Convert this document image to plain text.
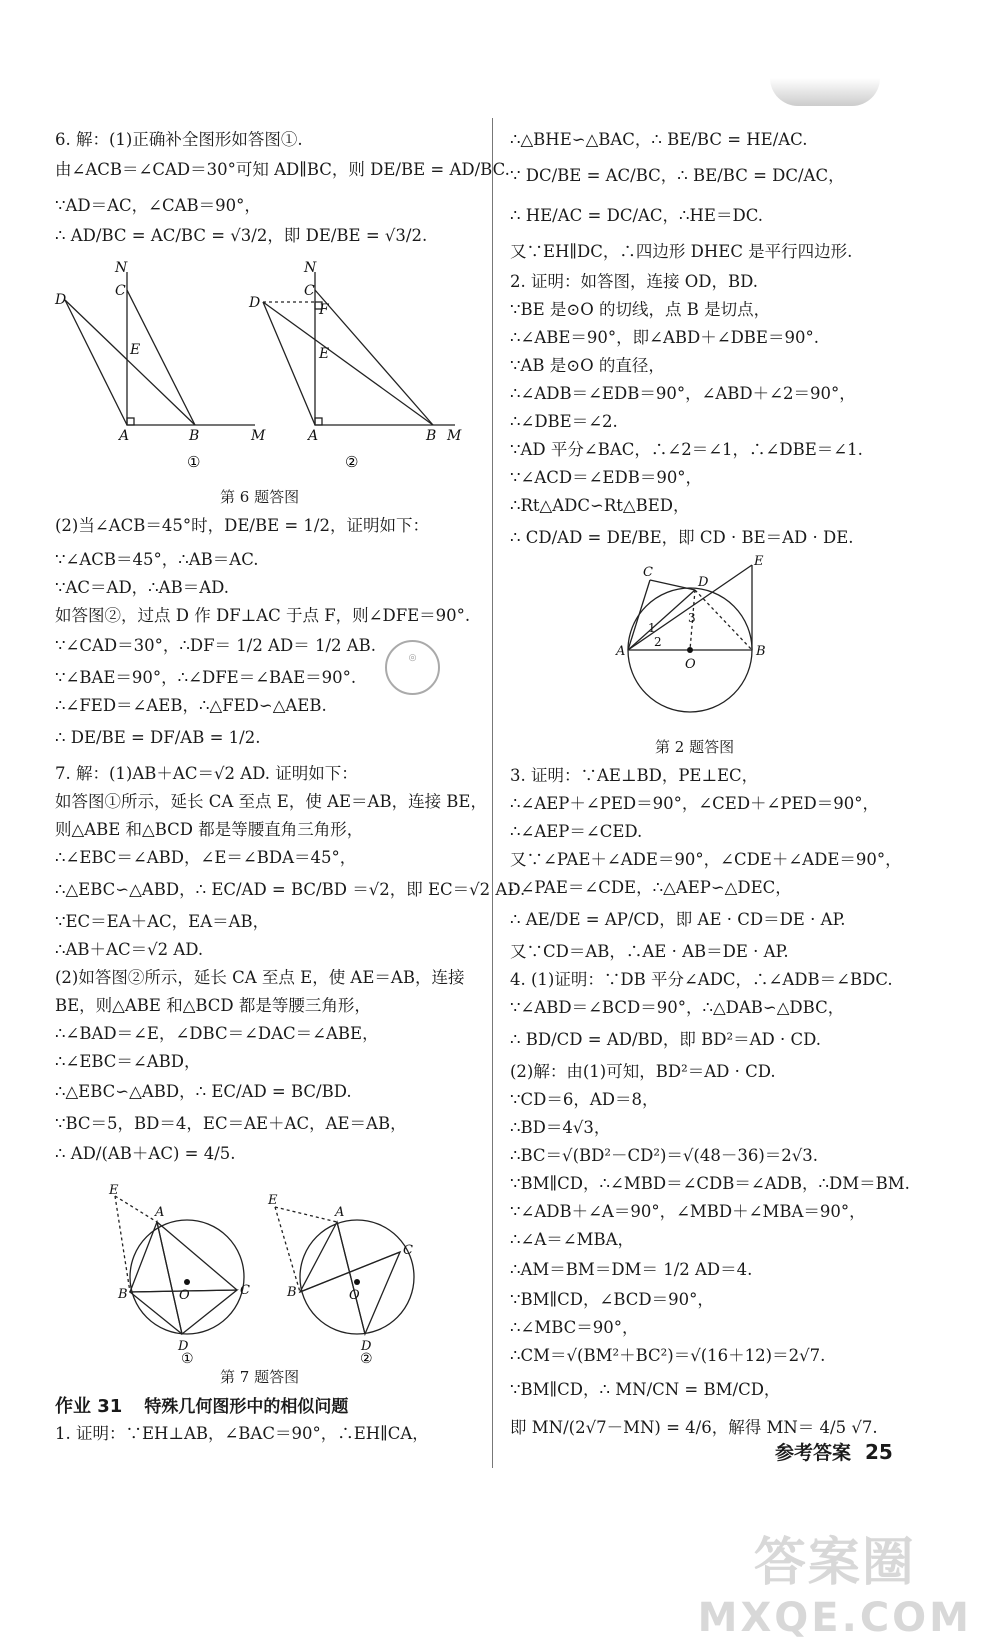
6. 解：(1)正确补全图形如答图①.
由∠ACB＝∠CAD＝30°可知 AD∥BC，则 DE/BE = AD/BC.
∵AD＝AC，∠CAB＝90°，
∴ AD/BC = AC/BC = √3/2，即 DE/BE = √3/2.
N
C
D
E
A	B	M
N
C
D	F
E
A	B M
①	②
第 6 题答图
(2)当∠ACB＝45°时，DE/BE = 1/2，证明如下：
∵∠ACB＝45°，∴AB＝AC.
∵AC＝AD，∴AB＝AD.
如答图②，过点 D 作 DF⊥AC 于点 F，则∠DFE＝90°.
∵∠CAD＝30°，∴DF＝ 1/2 AD＝ 1/2 AB.
∵∠BAE＝90°，∴∠DFE＝∠BAE＝90°.
∴∠FED＝∠AEB，∴△FED∽△AEB.
∴ DE/BE = DF/AB = 1/2.
7. 解：(1)AB＋AC＝√2 AD. 证明如下：
如答图①所示，延长 CA 至点 E，使 AE＝AB，连接 BE，
则△ABE 和△BCD 都是等腰直角三角形，
∴∠EBC＝∠ABD，∠E＝∠BDA＝45°，
∴△EBC∽△ABD，∴ EC/AD = BC/BD ＝√2，即 EC＝√2 AD.
∵EC＝EA＋AC，EA＝AB，
∴AB＋AC＝√2 AD.
(2)如答图②所示，延长 CA 至点 E，使 AE＝AB，连接
BE，则△ABE 和△BCD 都是等腰三角形，
∴∠BAD＝∠E，∠DBC＝∠DAC＝∠ABE，
∴∠EBC＝∠ABD，
∴△EBC∽△ABD，∴ EC/AD = BC/BD.
∵BC＝5，BD＝4，EC＝AE＋AC，AE＝AB，
∴ AD/(AB＋AC) = 4/5.
E
A
B	C
O
D
E
A
B
C
O
D
①	②
第 7 题答图
作业 31 特殊几何图形中的相似问题
1. 证明：∵EH⊥AB，∠BAC＝90°，∴EH∥CA，
◎
∴△BHE∽△BAC，∴ BE/BC = HE/AC.
∵ DC/BE = AC/BC，∴ BE/BC = DC/AC，
∴ HE/AC = DC/AC，∴HE＝DC.
又∵EH∥DC，∴四边形 DHEC 是平行四边形.
2. 证明：如答图，连接 OD，BD.
∵BE 是⊙O 的切线，点 B 是切点，
∴∠ABE＝90°，即∠ABD＋∠DBE＝90°.
∵AB 是⊙O 的直径，
∴∠ADB＝∠EDB＝90°，∠ABD＋∠2＝90°，
∴∠DBE＝∠2.
∵AD 平分∠BAC，∴∠2＝∠1，∴∠DBE＝∠1.
∵∠ACD＝∠EDB＝90°，
∴Rt△ADC∽Rt△BED，
∴ CD/AD = DE/BE，即 CD · BE＝AD · DE.
C
D
E
A	B
O
1
2
3
第 2 题答图
3. 证明：∵AE⊥BD，PE⊥EC，
∴∠AEP＋∠PED＝90°，∠CED＋∠PED＝90°，
∴∠AEP＝∠CED.
又∵∠PAE＋∠ADE＝90°，∠CDE＋∠ADE＝90°，
∴∠PAE＝∠CDE，∴△AEP∽△DEC，
∴ AE/DE = AP/CD，即 AE · CD＝DE · AP.
又∵CD＝AB，∴AE · AB＝DE · AP.
4. (1)证明：∵DB 平分∠ADC，∴∠ADB＝∠BDC.
∵∠ABD＝∠BCD＝90°，∴△DAB∽△DBC，
∴ BD/CD = AD/BD，即 BD²＝AD · CD.
(2)解：由(1)可知，BD²＝AD · CD.
∵CD＝6，AD＝8，
∴BD＝4√3，
∴BC＝√(BD²－CD²)＝√(48－36)＝2√3.
∵BM∥CD，∴∠MBD＝∠CDB＝∠ADB，∴DM＝BM.
∵∠ADB＋∠A＝90°，∠MBD＋∠MBA＝90°，
∴∠A＝∠MBA，
∴AM＝BM＝DM＝ 1/2 AD＝4.
∵BM∥CD，∠BCD＝90°，
∴∠MBC＝90°，
∴CM＝√(BM²＋BC²)＝√(16＋12)＝2√7.
∵BM∥CD，∴ MN/CN = BM/CD，
即 MN/(2√7－MN) = 4/6，解得 MN＝ 4/5 √7.
参考答案 25
答案圈
MXQE.COM
